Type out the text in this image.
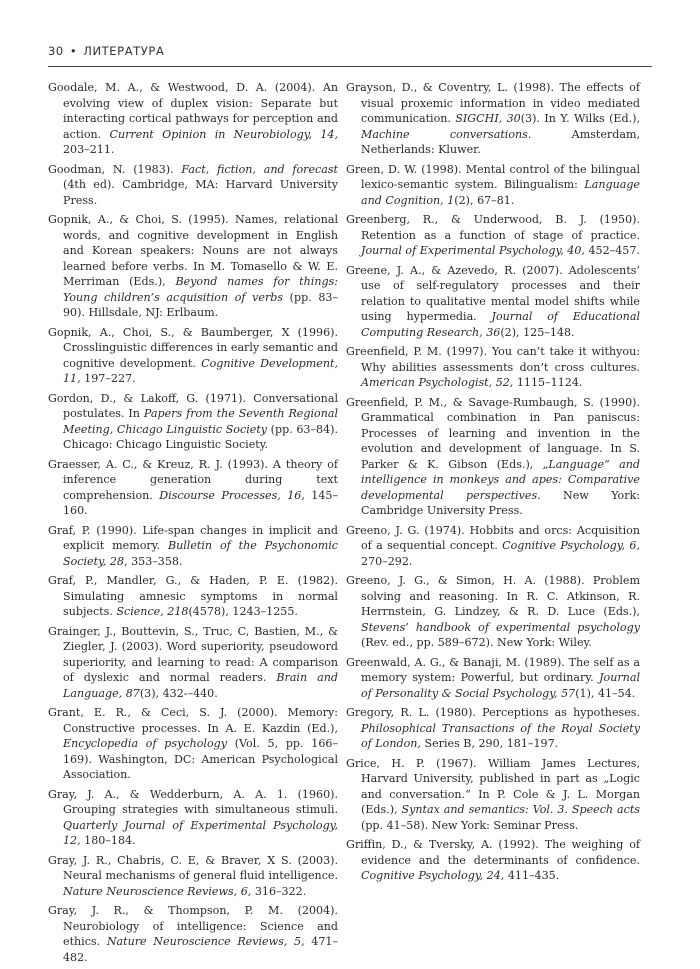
30 • ЛИТЕРАТУРА

Goodale, M. A., & Westwood, D. A. (2004). An evolving view of duplex vision: Separate but interacting cortical pathways for perception and action. Current Opinion in Neurobiology, 14, 203–211.

Goodman, N. (1983). Fact, fiction, and forecast (4th ed). Cambridge, MA: Harvard University Press.

Gopnik, A., & Choi, S. (1995). Names, relational words, and cognitive development in English and Korean speakers: Nouns are not always learned before verbs. In M. Tomasello & W. E. Merriman (Eds.), Beyond names for things: Young children’s acquisition of verbs (pp. 83–90). Hillsdale, NJ: Erlbaum.

Gopnik, A., Choi, S., & Baumberger, X (1996). Crosslinguistic differences in early semantic and cognitive development. Cognitive Development, 11, 197–227.

Gordon, D., & Lakoff, G. (1971). Conversational postulates. In Papers from the Seventh Regional Meeting, Chicago Linguistic Society (pp. 63–84). Chicago: Chicago Linguistic Society.

Graesser, A. C., & Kreuz, R. J. (1993). A theory of inference generation during text comprehension. Discourse Processes, 16, 145–160.

Graf, P. (1990). Life-span changes in implicit and explicit memory. Bulletin of the Psychonomic Society, 28, 353–358.

Graf, P., Mandler, G., & Haden, P. E. (1982). Simulating amnesic symptoms in normal subjects. Science, 218(4578), 1243–1255.

Grainger, J., Bouttevin, S., Truc, C, Bastien, M., & Ziegler, J. (2003). Word superiority, pseudoword superiority, and learning to read: A comparison of dyslexic and normal readers. Brain and Language, 87(3), 432-–440.

Grant, E. R., & Ceci, S. J. (2000). Memory: Constructive processes. In A. E. Kazdin (Ed.), Encyclopedia of psychology (Vol. 5, pp. 166–169). Washington, DC: American Psychological Association.

Gray, J. A., & Wedderburn, A. A. 1. (1960). Grouping strategies with simultaneous stimuli. Quarterly Journal of Experimental Psychology, 12, 180–184.

Gray, J. R., Chabris, C. E, & Braver, X S. (2003). Neural mechanisms of general fluid intelligence. Nature Neuroscience Reviews, 6, 316–322.

Gray, J. R., & Thompson, P. M. (2004). Neurobiology of intelligence: Science and ethics. Nature Neuroscience Reviews, 5, 471–482.

Grayson, D., & Coventry, L. (1998). The effects of visual proxemic information in video mediated communication. SIGCHI, 30(3). In Y. Wilks (Ed.), Machine conversations. Amsterdam, Netherlands: Kluwer.

Green, D. W. (1998). Mental control of the bilingual lexico-semantic system. Bilingualism: Language and Cognition, 1(2), 67–81.

Greenberg, R., & Underwood, B. J. (1950). Retention as a function of stage of practice. Journal of Experimental Psychology, 40, 452–457.

Greene, J. A., & Azevedo, R. (2007). Adolescents’ use of self-regulatory processes and their relation to qualitative mental model shifts while using hypermedia. Journal of Educational Computing Research, 36(2), 125–148.

Greenfield, P. M. (1997). You can’t take it withyou: Why abilities assessments don’t cross cultures. American Psychologist, 52, 1115–1124.

Greenfield, P. M., & Savage-Rumbaugh, S. (1990). Grammatical combination in Pan paniscus: Processes of learning and invention in the evolution and development of language. In S. Parker & K. Gibson (Eds.), „Language“ and intelligence in monkeys and apes: Comparative developmental perspectives. New York: Cambridge University Press.

Greeno, J. G. (1974). Hobbits and orcs: Acquisition of a sequential concept. Cognitive Psychology, 6, 270–292.

Greeno, J. G., & Simon, H. A. (1988). Problem solving and reasoning. In R. C. Atkinson, R. Herrnstein, G. Lindzey, & R. D. Luce (Eds.), Stevens’ handbook of experimental psychology (Rev. ed., pp. 589–672). New York: Wiley.

Greenwald, A. G., & Banaji, M. (1989). The self as a memory system: Powerful, but ordinary. Journal of Personality & Social Psychology, 57(1), 41–54.

Gregory, R. L. (1980). Perceptions as hypotheses. Philosophical Transactions of the Royal Society of London, Series B, 290, 181–197.

Grice, H. P. (1967). William James Lectures, Harvard University, published in part as „Logic and conversation.“ In P. Cole & J. L. Morgan (Eds.), Syntax and semantics: Vol. 3. Speech acts (pp. 41–58). New York: Seminar Press.

Griffin, D., & Tversky, A. (1992). The weighing of evidence and the determinants of confidence. Cognitive Psychology, 24, 411–435.
